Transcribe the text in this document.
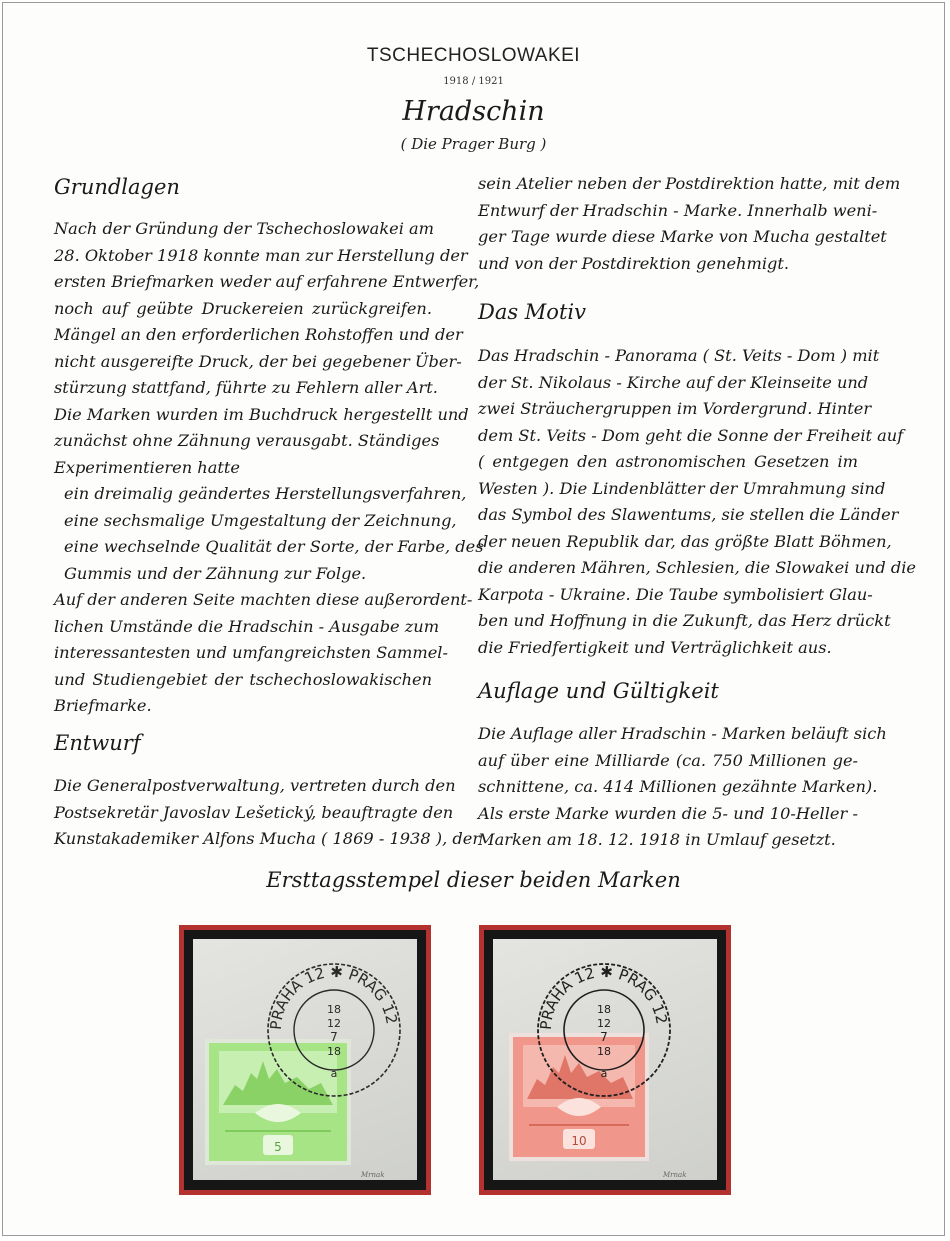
TSCHECHOSLOWAKEI
1918 / 1921
Hradschin
( Die Prager Burg )
Grundlagen
Nach der Gründung der Tschechoslowakei am
28. Oktober 1918 konnte man zur Herstellung der
ersten Briefmarken weder auf erfahrene Entwerfer,
noch auf geübte Druckereien zurückgreifen.
Mängel an den erforderlichen Rohstoffen und der
nicht ausgereifte Druck, der bei gegebener Über-
stürzung stattfand, führte zu Fehlern aller Art.
Die Marken wurden im Buchdruck hergestellt und
zunächst ohne Zähnung verausgabt. Ständiges
Experimentieren hatte
ein dreimalig geändertes Herstellungsverfahren,
eine sechsmalige Umgestaltung der Zeichnung,
eine wechselnde Qualität der Sorte, der Farbe, des
Gummis und der Zähnung zur Folge.
Auf der anderen Seite machten diese außerordent-
lichen Umstände die Hradschin - Ausgabe zum
interessantesten und umfangreichsten Sammel-
und Studiengebiet der tschechoslowakischen
Briefmarke.
Entwurf
Die Generalpostverwaltung, vertreten durch den
Postsekretär Javoslav Lešetický, beauftragte den
Kunstakademiker Alfons Mucha ( 1869 - 1938 ), der
sein Atelier neben der Postdirektion hatte, mit dem
Entwurf der Hradschin - Marke. Innerhalb weni-
ger Tage wurde diese Marke von Mucha gestaltet
und von der Postdirektion genehmigt.
Das Motiv
Das Hradschin - Panorama ( St. Veits - Dom ) mit
der St. Nikolaus - Kirche auf der Kleinseite und
zwei Sträuchergruppen im Vordergrund. Hinter
dem St. Veits - Dom geht die Sonne der Freiheit auf
( entgegen den astronomischen Gesetzen im
Westen ). Die Lindenblätter der Umrahmung sind
das Symbol des Slawentums, sie stellen die Länder
der neuen Republik dar, das größte Blatt Böhmen,
die anderen Mähren, Schlesien, die Slowakei und die
Karpota - Ukraine. Die Taube symbolisiert Glau-
ben und Hoffnung in die Zukunft, das Herz drückt
die Friedfertigkeit und Verträglichkeit aus.
Auflage und Gültigkeit
Die Auflage aller Hradschin - Marken beläuft sich
auf über eine Milliarde (ca. 750 Millionen ge-
schnittene, ca. 414 Millionen gezähnte Marken).
Als erste Marke wurden die 5- und 10-Heller -
Marken am 18. 12. 1918 in Umlauf gesetzt.
Ersttagsstempel dieser beiden Marken
5
PRAHA 12 ✱ PRAG 12
18
12
7
18
a
Mrnak
10
PRAHA 12 ✱ PRAG 12
18
12
7
18
a
Mrnak
